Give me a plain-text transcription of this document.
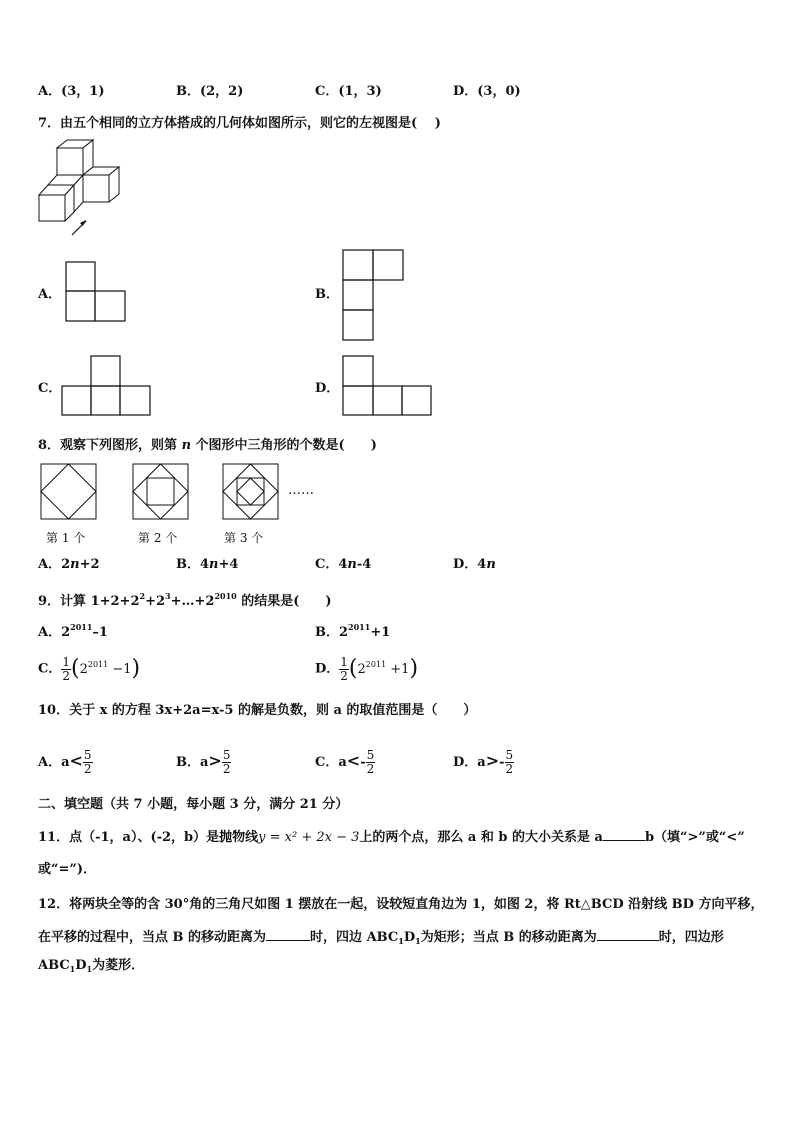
A．(3，1)	B．(2，2)	C．(1，3)	D．(3，0)
7．由五个相同的立方体搭成的几何体如图所示，则它的左视图是(　 )
A．	B．
C．	D．
8．观察下列图形，则第 n 个图形中三角形的个数是(　　)
……
第 1 个	第 2 个	第 3 个
A．2n+2	B．4n+4	C．4n-4	D．4n
9．计算 $1+2+2^2+2^3+\dots+2^{2010}$ 的结果是(　　)
A．$2^{2011}-1$	B．$2^{2011}+1$
C． $\frac{1}{2} (2^{2011} -1)$	D． $\frac{1}{2} (2^{2011} +1)$
10．关于 x 的方程 3x+2a=x-5 的解是负数，则 a 的取值范围是（　　）
A．$a< \frac{5}{2}$	B．$a> \frac{5}{2}$	C．$a<- \frac{5}{2}$	D．$a>- \frac{5}{2}$
二、填空题（共 7 小题，每小题 3 分，满分 21 分）
11．点（-1，a）、(-2，b）是抛物线y = x² + 2x − 3上的两个点，那么 a 和 b 的大小关系是 a	b（填“>”或“<”
或“=”)．
12．将两块全等的含 30°角的三角尺如图 1 摆放在一起，设较短直角边为 1，如图 2，将 Rt△BCD 沿射线 BD 方向平移，
在平移的过程中，当点 B 的移动距离为	时，四边 $ABC_1D_1$为矩形；当点 B 的移动距离为	时，四边形
$ABC_1D_1$为菱形．
